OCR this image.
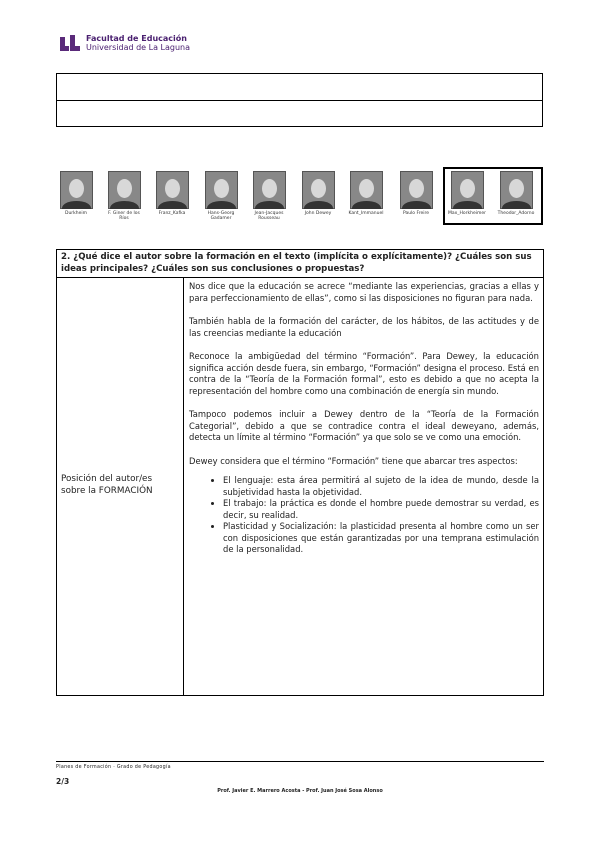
Facultad de Educación
Universidad de La Laguna
Durkheim	F. Giner de los Ríos
Franz_Kafka	Hans-Georg Gadamer
Jean-Jacques Rousseau
John Dewey	Kant_Immanuel	Paulo Freire	Max_Horkheimer	Theodor_Adorno
2. ¿Qué dice el autor sobre la formación en el texto (implícita o explícitamente)? ¿Cuáles son sus ideas principales? ¿Cuáles son sus conclusiones o propuestas?
Posición del autor/es sobre la FORMACIÓN

Nos dice que la educación se acrece “mediante las experiencias, gracias a ellas y para perfeccionamiento de ellas”, como si las disposiciones no figuran para nada.

También habla de la formación del carácter, de los hábitos, de las actitudes y de las creencias mediante la educación

Reconoce la ambigüedad del término “Formación”. Para Dewey, la educación significa acción desde fuera, sin embargo, “Formación” designa el proceso. Está en contra de la “Teoría de la Formación formal”, esto es debido a que no acepta la representación del hombre como una combinación de energía sin mundo.

Tampoco podemos incluir a Dewey dentro de la “Teoría de la Formación Categorial”, debido a que se contradice contra el ideal deweyano, además, detecta un límite al término “Formación” ya que solo se ve como una emoción.

Dewey considera que el término “Formación” tiene que abarcar tres aspectos:

• El lenguaje: esta área permitirá al sujeto de la idea de mundo, desde la subjetividad hasta la objetividad.
• El trabajo: la práctica es donde el hombre puede demostrar su verdad, es decir, su realidad.
• Plasticidad y Socialización: la plasticidad presenta al hombre como un ser con disposiciones que están garantizadas por una temprana estimulación de la personalidad.
Planes de Formación · Grado de Pedagogía
2/3
Prof. Javier E. Marrero Acosta - Prof. Juan José Sosa Alonso
